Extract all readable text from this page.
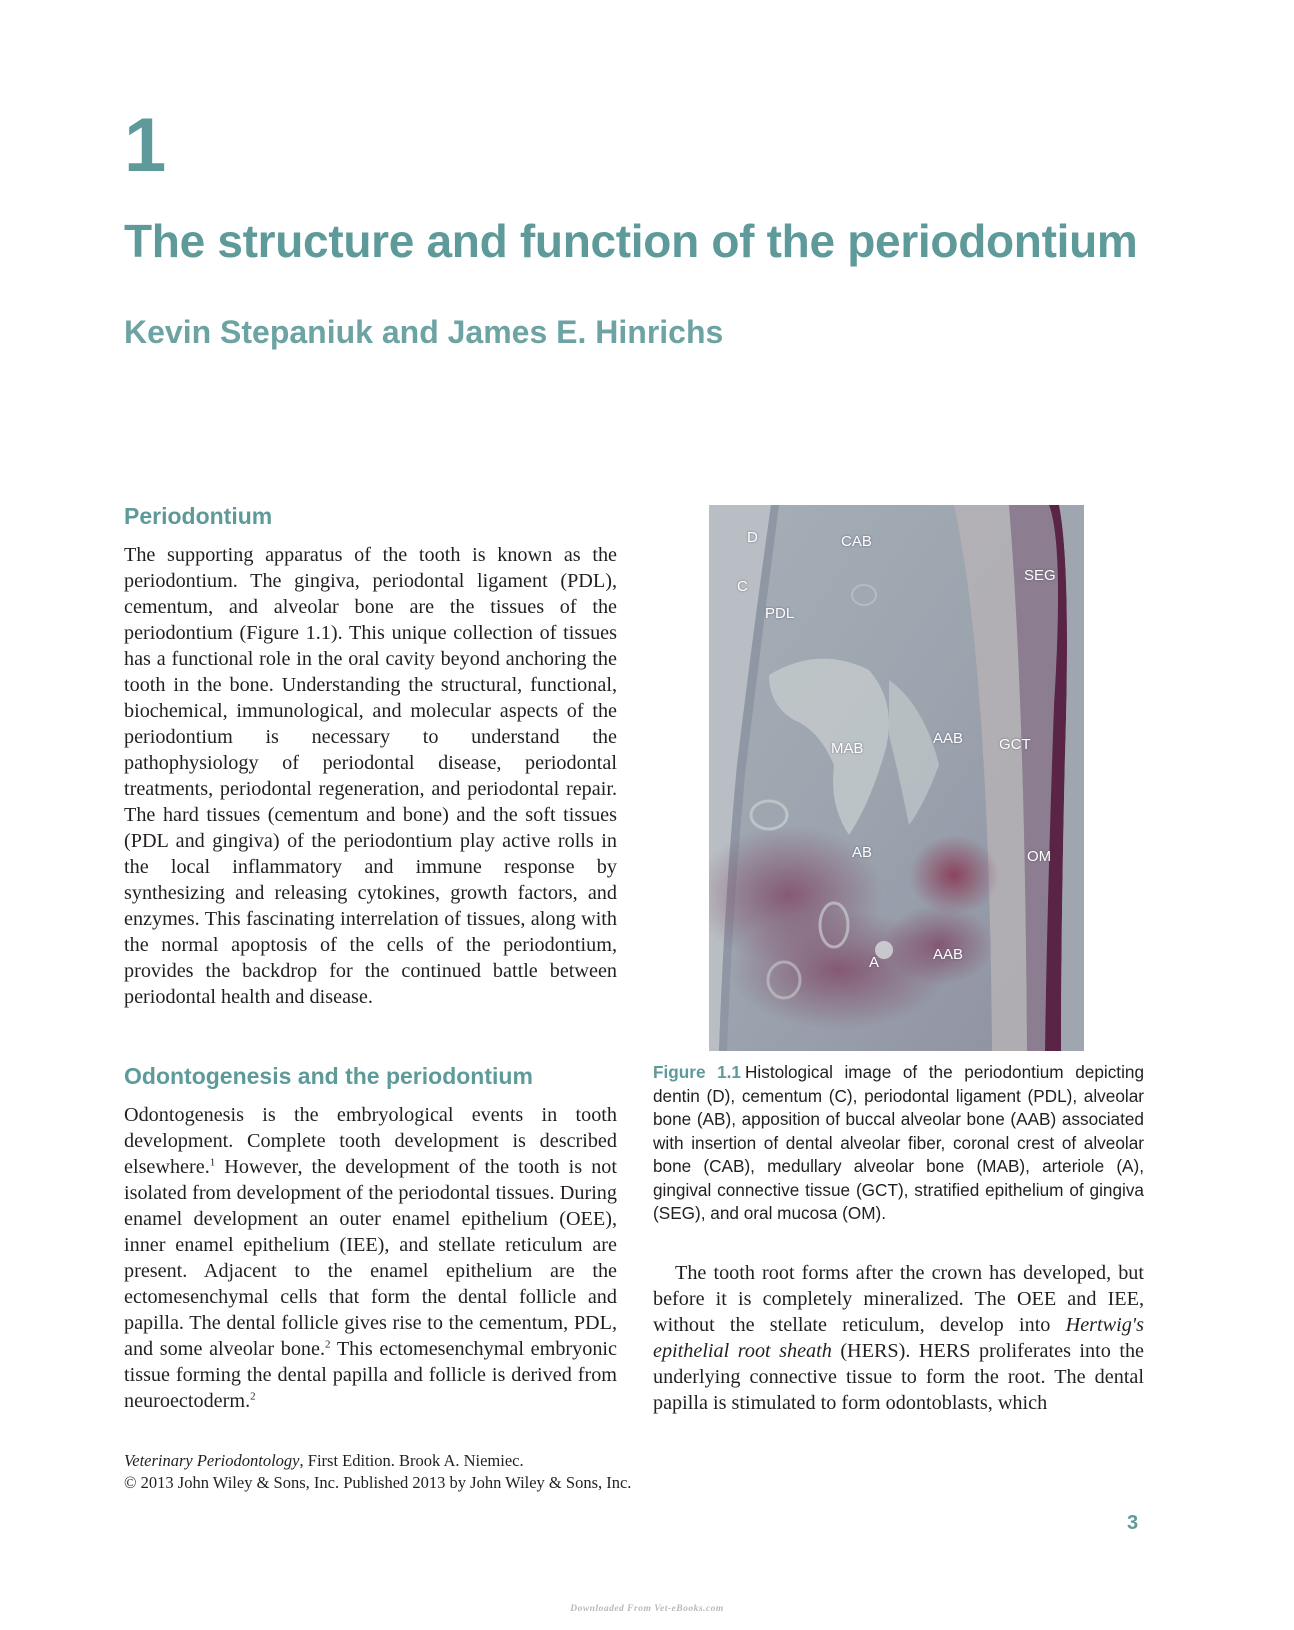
1
The structure and function of the periodontium
Kevin Stepaniuk and James E. Hinrichs
Periodontium

The supporting apparatus of the tooth is known as the periodontium. The gingiva, periodontal ligament (PDL), cementum, and alveolar bone are the tissues of the periodontium (Figure 1.1). This unique collection of tissues has a functional role in the oral cavity beyond anchoring the tooth in the bone. Understanding the structural, functional, biochemical, immunological, and molecular aspects of the periodontium is necessary to understand the pathophysiology of periodontal disease, periodontal treatments, periodontal regeneration, and periodontal repair. The hard tissues (cementum and bone) and the soft tissues (PDL and gingiva) of the periodontium play active rolls in the local inflammatory and immune response by synthesizing and releasing cytokines, growth factors, and enzymes. This fascinating interrelation of tissues, along with the normal apoptosis of the cells of the periodontium, provides the backdrop for the continued battle between periodontal health and disease.

Odontogenesis and the periodontium

Odontogenesis is the embryological events in tooth development. Complete tooth development is described elsewhere.$^1$ However, the development of the tooth is not isolated from development of the periodontal tissues. During enamel development an outer enamel epithelium (OEE), inner enamel epithelium (IEE), and stellate reticulum are present. Adjacent to the enamel epithelium are the ectomesenchymal cells that form the dental follicle and papilla. The dental follicle gives rise to the cementum, PDL, and some alveolar bone.$^2$ This ectomesenchymal embryonic tissue forming the dental papilla and follicle is derived from neuroectoderm.$^2$

D	CAB
C
SEG
PDL
MAB
AAB GCT
AB	OM
A	AAB
Figure 1.1 Histological image of the periodontium depicting dentin (D), cementum (C), periodontal ligament (PDL), alveolar bone (AB), apposition of buccal alveolar bone (AAB) associated with insertion of dental alveolar fiber, coronal crest of alveolar bone (CAB), medullary alveolar bone (MAB), arteriole (A), gingival connective tissue (GCT), stratified epithelium of gingiva (SEG), and oral mucosa (OM).

The tooth root forms after the crown has developed, but before it is completely mineralized. The OEE and IEE, without the stellate reticulum, develop into Hertwig's epithelial root sheath (HERS). HERS proliferates into the underlying connective tissue to form the root. The dental papilla is stimulated to form odontoblasts, which

Veterinary Periodontology, First Edition. Brook A. Niemiec.
© 2013 John Wiley & Sons, Inc. Published 2013 by John Wiley & Sons, Inc.
3
Downloaded From Vet-eBooks.com
